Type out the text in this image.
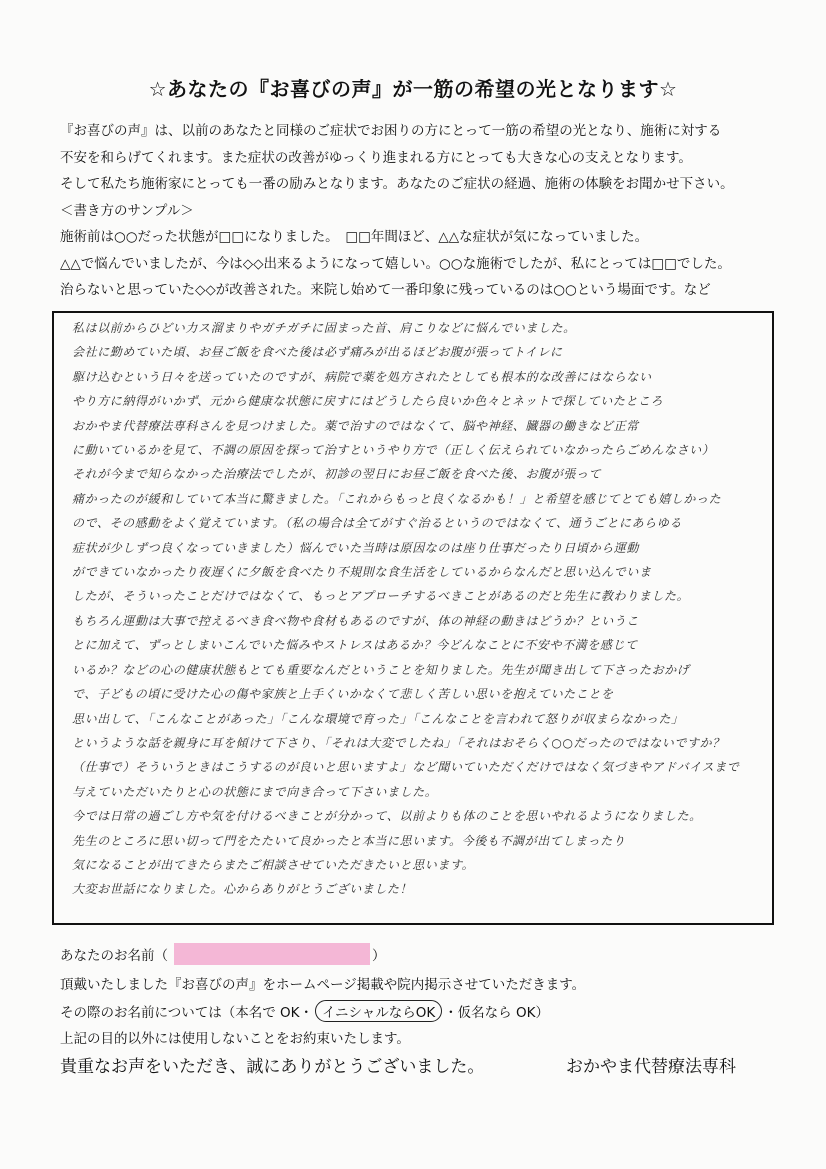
☆あなたの『お喜びの声』が一筋の希望の光となります☆

『お喜びの声』は、以前のあなたと同様のご症状でお困りの方にとって一筋の希望の光となり、施術に対する

不安を和らげてくれます。また症状の改善がゆっくり進まれる方にとっても大きな心の支えとなります。

そして私たち施術家にとっても一番の励みとなります。あなたのご症状の経過、施術の体験をお聞かせ下さい。

＜書き方のサンプル＞

施術前は○○だった状態が□□になりました。　□□年間ほど、△△な症状が気になっていました。

△△で悩んでいましたが、今は◇◇出来るようになって嬉しい。○○な施術でしたが、私にとっては□□でした。

治らないと思っていた◇◇が改善された。来院し始めて一番印象に残っているのは○○という場面です。など

私は以前からひどい力ス溜まりやガチガチに固まった首、肩こりなどに悩んでいました。

会社に勤めていた頃、お昼ご飯を食べた後は必ず痛みが出るほどお腹が張ってトイレに

駆け込むという日々を送っていたのですが、病院で薬を処方されたとしても根本的な改善にはならない

やり方に納得がいかず、元から健康な状態に戻すにはどうしたら良いか色々とネットで探していたところ

おかやま代替療法専科さんを見つけました。薬で治すのではなくて、脳や神経、臓器の働きなど正常

に動いているかを見て、不調の原因を探って治すというやり方で（正しく伝えられていなかったらごめんなさい）

それが今まで知らなかった治療法でしたが、初診の翌日にお昼ご飯を食べた後、お腹が張って

痛かったのが緩和していて本当に驚きました。「これからもっと良くなるかも！」と希望を感じてとても嬉しかった

ので、その感動をよく覚えています。（私の場合は全てがすぐ治るというのではなくて、通うごとにあらゆる

症状が少しずつ良くなっていきました）悩んでいた当時は原因なのは座り仕事だったり日頃から運動

ができていなかったり夜遅くに夕飯を食べたり不規則な食生活をしているからなんだと思い込んでいま

したが、そういったことだけではなくて、もっとアプローチするべきことがあるのだと先生に教わりました。

もちろん運動は大事で控えるべき食べ物や食材もあるのですが、体の神経の動きはどうか？というこ

とに加えて、ずっとしまいこんでいた悩みやストレスはあるか？今どんなことに不安や不満を感じて

いるか？などの心の健康状態もとても重要なんだということを知りました。先生が聞き出して下さったおかげ

で、子どもの頃に受けた心の傷や家族と上手くいかなくて悲しく苦しい思いを抱えていたことを

思い出して、「こんなことがあった」「こんな環境で育った」「こんなことを言われて怒りが収まらなかった」

というような話を親身に耳を傾けて下さり、「それは大変でしたね」「それはおそらく○○だったのではないですか？

（仕事で）そういうときはこうするのが良いと思いますよ」など聞いていただくだけではなく気づきやアドバイスまで

与えていただいたりと心の状態にまで向き合って下さいました。

今では日常の過ごし方や気を付けるべきことが分かって、以前よりも体のことを思いやれるようになりました。

先生のところに思い切って門をたたいて良かったと本当に思います。今後も不調が出てしまったり

気になることが出てきたらまたご相談させていただきたいと思います。

大変お世話になりました。心からありがとうございました！

あなたのお名前 （	）
頂戴いたしました『お喜びの声』をホームページ掲載や院内掲示させていただきます。
その際のお名前については（本名で OK・ イニシャルならOK ・仮名なら OK）
上記の目的以外には使用しないことをお約束いたします。
貴重なお声をいただき、誠にありがとうございました。	おかやま代替療法専科
